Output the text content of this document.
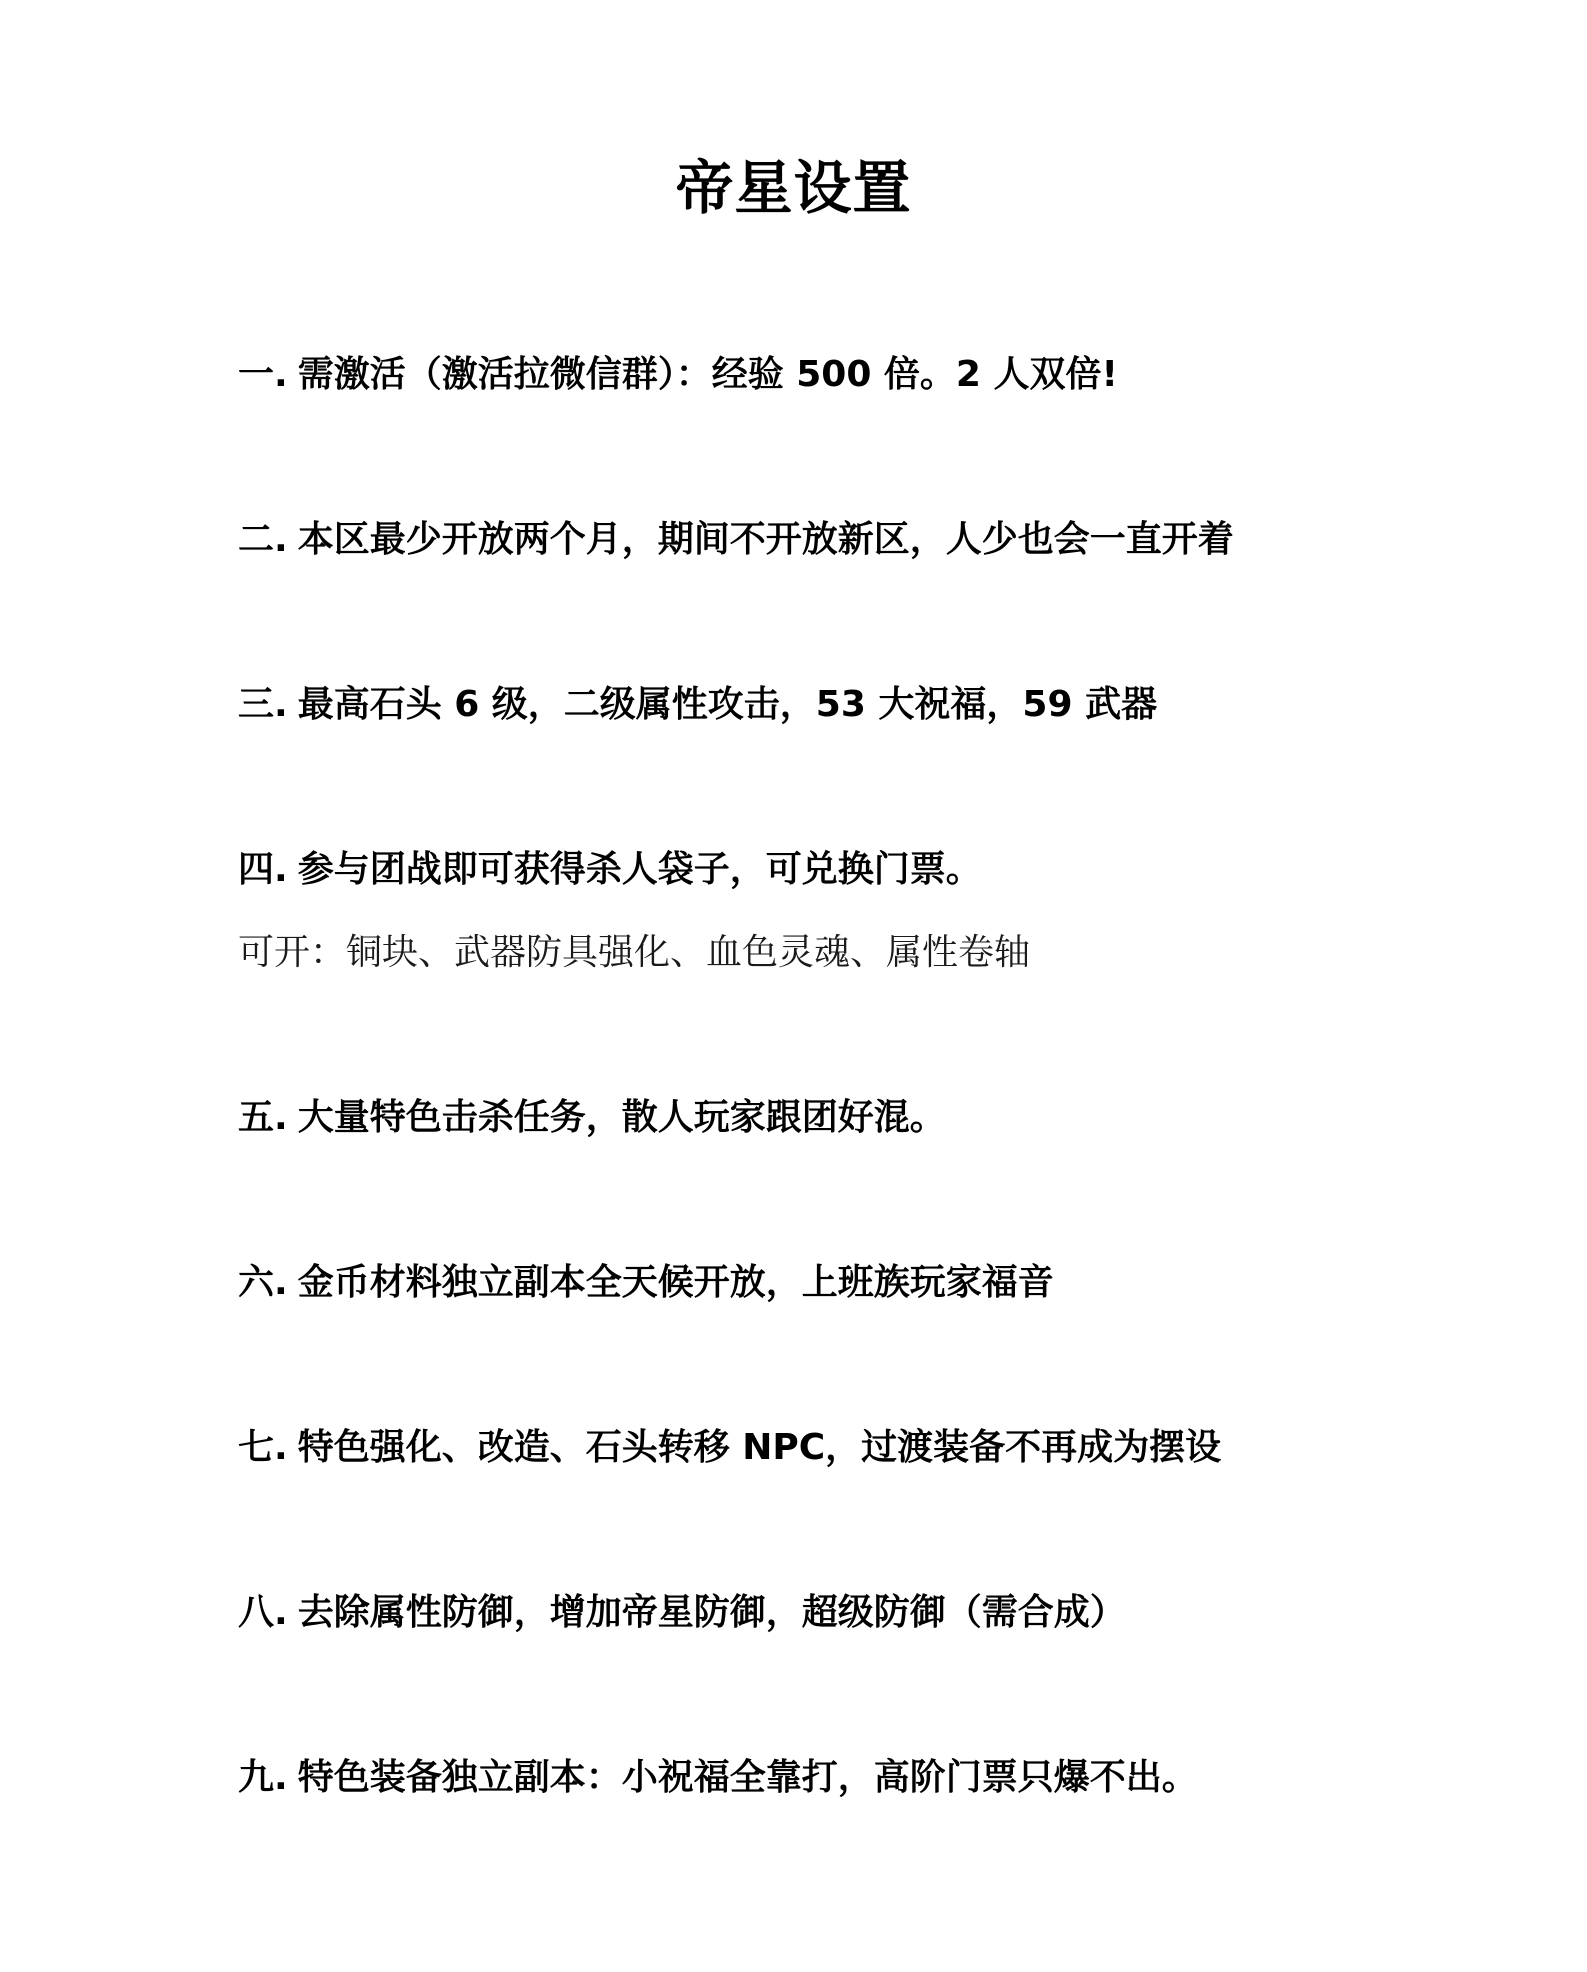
帝星设置
一. 需激活（激活拉微信群）：经验 500 倍。2 人双倍!
二. 本区最少开放两个月，期间不开放新区，人少也会一直开着
三. 最高石头 6 级，二级属性攻击，53 大祝福，59 武器
四. 参与团战即可获得杀人袋子，可兑换门票。
可开：铜块、武器防具强化、血色灵魂、属性卷轴
五. 大量特色击杀任务，散人玩家跟团好混。
六. 金币材料独立副本全天候开放，上班族玩家福音
七. 特色强化、改造、石头转移 NPC，过渡装备不再成为摆设
八. 去除属性防御，增加帝星防御，超级防御（需合成）
九. 特色装备独立副本：小祝福全靠打，高阶门票只爆不出。
